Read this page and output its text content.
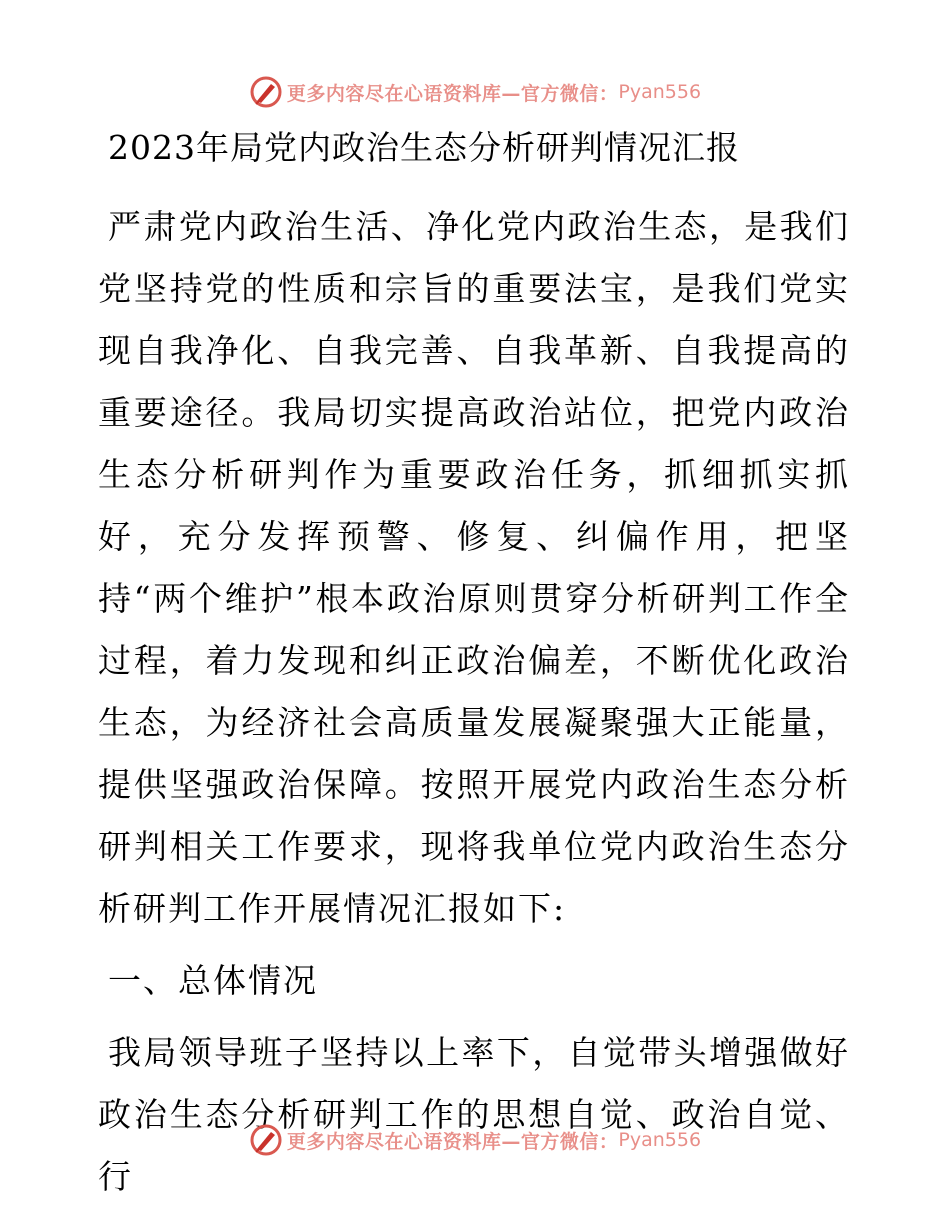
更多内容尽在心语资料库—官方微信： Pyan556
2023年局党内政治生态分析研判情况汇报

严肃党内政治生活、净化党内政治生态，是我们党坚持党的性质和宗旨的重要法宝，是我们党实现自我净化、自我完善、自我革新、自我提高的重要途径。我局切实提高政治站位，把党内政治生态分析研判作为重要政治任务，抓细抓实抓好，充分发挥预警、修复、纠偏作用，把坚持“两个维护”根本政治原则贯穿分析研判工作全过程，着力发现和纠正政治偏差，不断优化政治生态，为经济社会高质量发展凝聚强大正能量，提供坚强政治保障。按照开展党内政治生态分析研判相关工作要求，现将我单位党内政治生态分析研判工作开展情况汇报如下:

一、总体情况

我局领导班子坚持以上率下，自觉带头增强做好政治生态分析研判工作的思想自觉、政治自觉、行

更多内容尽在心语资料库—官方微信： Pyan556
